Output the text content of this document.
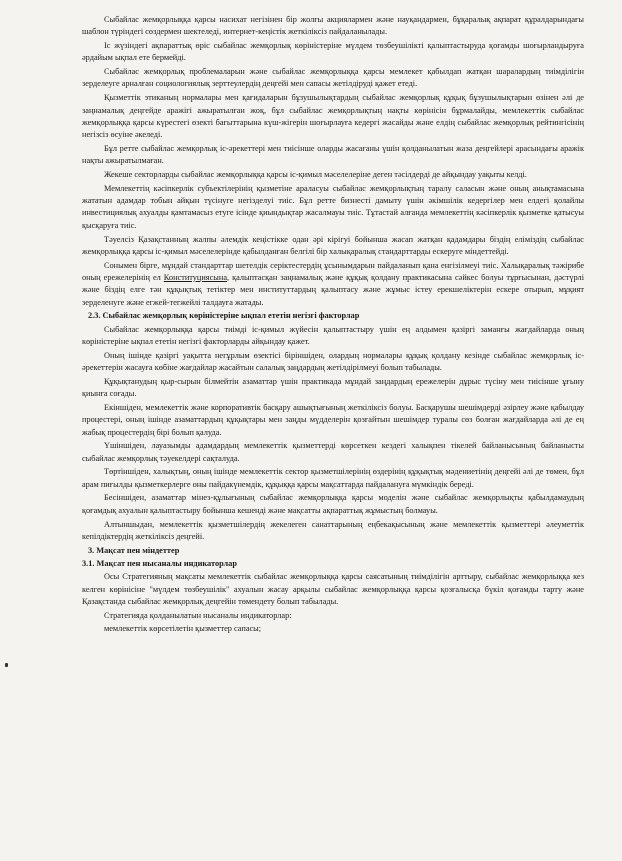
Сыбайлас жемқорлыққа қарсы насихат негізінен бір жолғы акциялармен және науқандармен, бұқаралық ақпарат құралдарындағы шаблон түріндегі сөздермен шектеледі, интернет-кеңістік жеткіліксіз пайдаланылады.

Іс жүзіндегі ақпараттық өріс сыбайлас жемқорлық көріністеріне мүлдем төзбеушілікті қалыптастыруда қоғамды шоғырландыруға әрдайым ықпал ете бермейді.

Сыбайлас жемқорлық проблемаларын және сыбайлас жемқорлыққа қарсы мемлекет қабылдап жатқан шаралардың тиімділігін зерделеуге арналған социологиялық зерттеулердің деңгейі мен сапасы жетілдіруді қажет етеді.

Қызметтік этиканың нормалары мен қағидаларын бұзушылықтардың сыбайлас жемқорлық құқық бұзушылықтарын өзінен әлі де заңнамалық деңгейде аражігі ажыратылған жоқ, бұл сыбайлас жемқорлықтың нақты көрінісін бұрмалайды, мемлекеттік сыбайлас жемқорлыққа қарсы күрестегі өзекті бағыттарына күш-жігерін шоғырлауға кедергі жасайды және елдің сыбайлас жемқорлық рейтингісінің негізсіз өсуіне әкеледі.

Бұл ретте сыбайлас жемқорлық іс-әрекеттері мен тиісінше оларды жасағаны үшін қолданылатын жаза деңгейлері арасындағы аражік нақты ажыратылмаған.

Жекеше секторларды сыбайлас жемқорлыққа қарсы іс-қимыл мәселелеріне деген тәсілдерді де айқындау уақыты келді.

Мемлекеттің кәсіпкерлік субъектілерінің қызметіне араласуы сыбайлас жемқорлықтың таралу саласын және оның анықтамасына жататын адамдар тобын айқын түсінуге негізделуі тиіс. Бұл ретте бизнесті дамыту үшін әкімшілік кедергілер мен елдегі қолайлы инвестициялық ахуалды қамтамасыз етуге ісінде қиындықтар жасалмауы тиіс. Тұтастай алғанда мемлекеттің кәсіпкерлік қызметке қатысуы қысқаруға тиіс.

Тәуелсіз Қазақстанның жалпы әлемдік кеңістікке одан әрі кірігуі бойынша жасап жатқан қадамдары біздің еліміздің сыбайлас жемқорлыққа қарсы іс-қимыл мәселелерінде қабылданған белгілі бір халықаралық стандарттарды ескеруге міндеттейді.

Сонымен бірге, мұндай стандарттар шетелдік серіктестердің ұсынымдарын пайдаланып қана енгізілмеуі тиіс. Халықаралық тәжірибе оның ережелерінің ел Конституциясына, қалыптасқан заңнамалық және құқық қолдану практикасына сәйкес болуы тұрғысынан, дәстүрлі және біздің елге тән құқықтық тетіктер мен институттардың қалыптасу және жұмыс істеу ерекшеліктерін ескере отырып, мұқият зерделенуге және егжей-тегжейлі талдауға жатады.

2.3. Сыбайлас жемқорлық көріністеріне ықпал ететін негізгі факторлар

Сыбайлас жемқорлыққа қарсы тиімді іс-қимыл жүйесін қалыптастыру үшін ең алдымен қазіргі заманғы жағдайларда оның көріністеріне ықпал ететін негізгі факторларды айқындау қажет.

Оның ішінде қазіргі уақытта негұрлым өзектісі біріншіден, олардың нормалары құқық қолдану кезінде сыбайлас жемқорлық іс-әрекеттерін жасауға көбіне жағдайлар жасайтын салалық заңдардың жетілдірілмеуі болып табылады.

Құқықтанудың қыр-сырын білмейтін азаматтар үшін практикада мұндай заңдардың ережелерін дұрыс түсіну мен тиісінше ұғыну қиынға соғады.

Екіншіден, мемлекеттік және корпоративтік басқару ашықтығының жеткіліксіз болуы. Басқарушы шешімдерді әзірлеу және қабылдау процестері, оның ішінде азаматтардың құқықтары мен заңды мүдделерін қозғайтын шешімдер туралы сөз болған жағдайларда әлі де ең жабық процестердің бірі болып қалуда.

Үшіншіден, лауазымды адамдардың мемлекеттік қызметтерді көрсеткен кездегі халықпен тікелей байланысының байланысты сыбайлас жемқорлық тәуекелдері сақталуда.

Төртіншіден, халықтың, оның ішінде мемлекеттік сектор қызметшілерінің өздерінің құқықтық мәдениетінің деңгейі әлі де төмен, бұл арам пиғылды қызметкерлерге оны пайдакүнемдік, құқыққа қарсы мақсаттарда пайдалануға мүмкіндік береді.

Бесіншіден, азаматтар мінез-құлығының сыбайлас жемқорлыққа қарсы моделін және сыбайлас жемқорлықты қабылдамаудың қоғамдық ахуалын қалыптастыру бойынша кешенді және мақсатты ақпараттық жұмыстың болмауы.

Алтыншыдан, мемлекеттік қызметшілердің жекелеген санаттарының еңбекақысының және мемлекеттік қызметтері әлеуметтік кепілдіктердің жеткіліксіз деңгейі.

3. Мақсат пен міндеттер
3.1. Мақсат пен нысаналы индикаторлар

Осы Стратегияның мақсаты мемлекеттік сыбайлас жемқорлыққа қарсы саясатының тиімділігін арттыру, сыбайлас жемқорлыққа кез келген көрінісіне "мүлдем төзбеушілік" ахуалын жасау арқылы сыбайлас жемқорлыққа қарсы қозғалысқа бүкіл қоғамды тарту және Қазақстанда сыбайлас жемқорлық деңгейін төмендету болып табылады.

Стратегияда қолданылатын нысаналы индикаторлар:

мемлекеттік көрсетілетін қызметтер сапасы;
